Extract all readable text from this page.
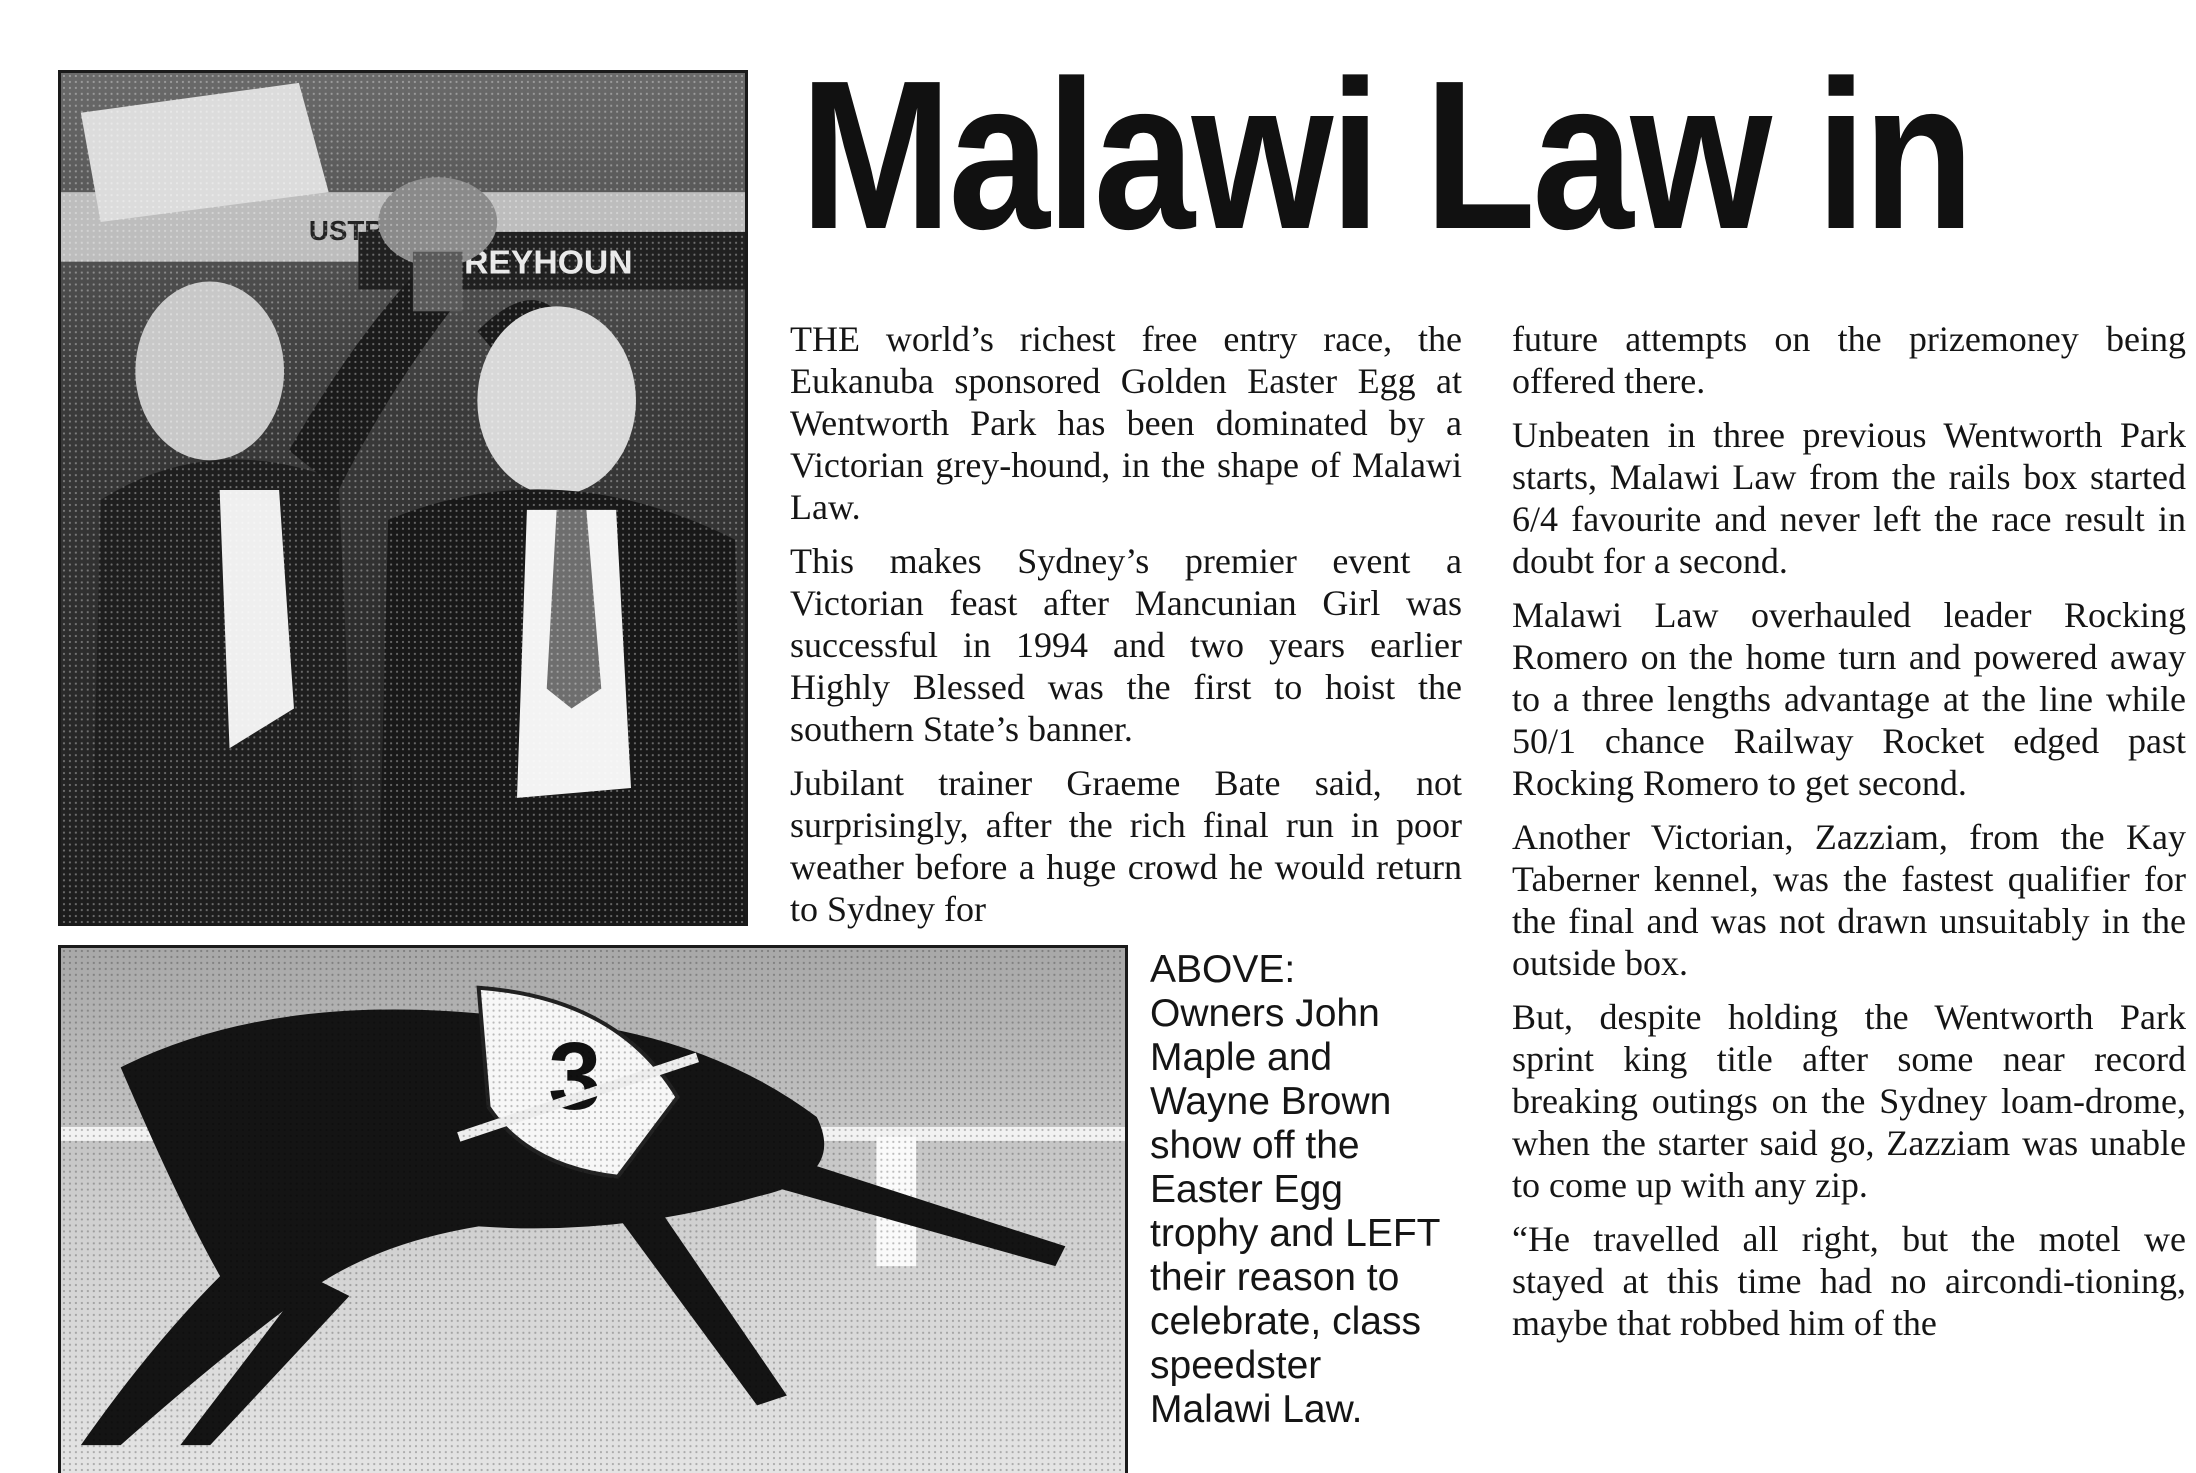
Malawi Law in
ABOVE:
Owners John Maple and Wayne Brown show off the Easter Egg trophy and LEFT their reason to celebrate, class speedster Malawi Law.

THE world’s richest free entry race, the Eukanuba sponsored Golden Easter Egg at Wentworth Park has been dominated by a Victorian grey-hound, in the shape of Malawi Law.

This makes Sydney’s premier event a Victorian feast after Mancunian Girl was successful in 1994 and two years earlier Highly Blessed was the first to hoist the southern State’s banner.

Jubilant trainer Graeme Bate said, not surprisingly, after the rich final run in poor weather before a huge crowd he would return to Sydney for

future attempts on the prizemoney being offered there.

Unbeaten in three previous Wentworth Park starts, Malawi Law from the rails box started 6/4 favourite and never left the race result in doubt for a second.

Malawi Law overhauled leader Rocking Romero on the home turn and powered away to a three lengths advantage at the line while 50/1 chance Railway Rocket edged past Rocking Romero to get second.

Another Victorian, Zazziam, from the Kay Taberner kennel, was the fastest qualifier for the final and was not drawn unsuitably in the outside box.

But, despite holding the Wentworth Park sprint king title after some near record breaking outings on the Sydney loam-drome, when the starter said go, Zazziam was unable to come up with any zip.

“He travelled all right, but the motel we stayed at this time had no aircondi-tioning, maybe that robbed him of the
